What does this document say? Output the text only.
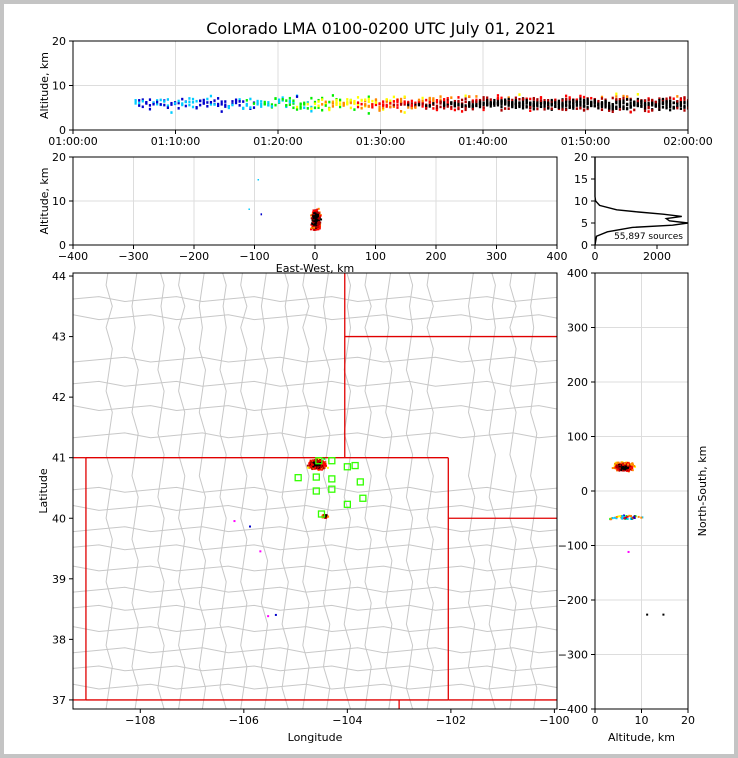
Colorado LMA 0100-0200 UTC July 01, 2021
01:00:00	01:10:00	01:20:00	01:30:00	01:40:00	01:50:00	02:00:00
0
10
20
Altitude, km
−400	−300	−200	−100	0	100	200	300	400
0
10
20
Altitude, km
East-West, km
0	2000
0
5
10
15
20
55,897 sources
−108	−106	−104	−102	−100
37
38
39
40
41
42
43
44
Latitude
Longitude
0	10	20
−400
−300
−200
−100
0
100
200
300
400
North-South, km
Altitude, km
